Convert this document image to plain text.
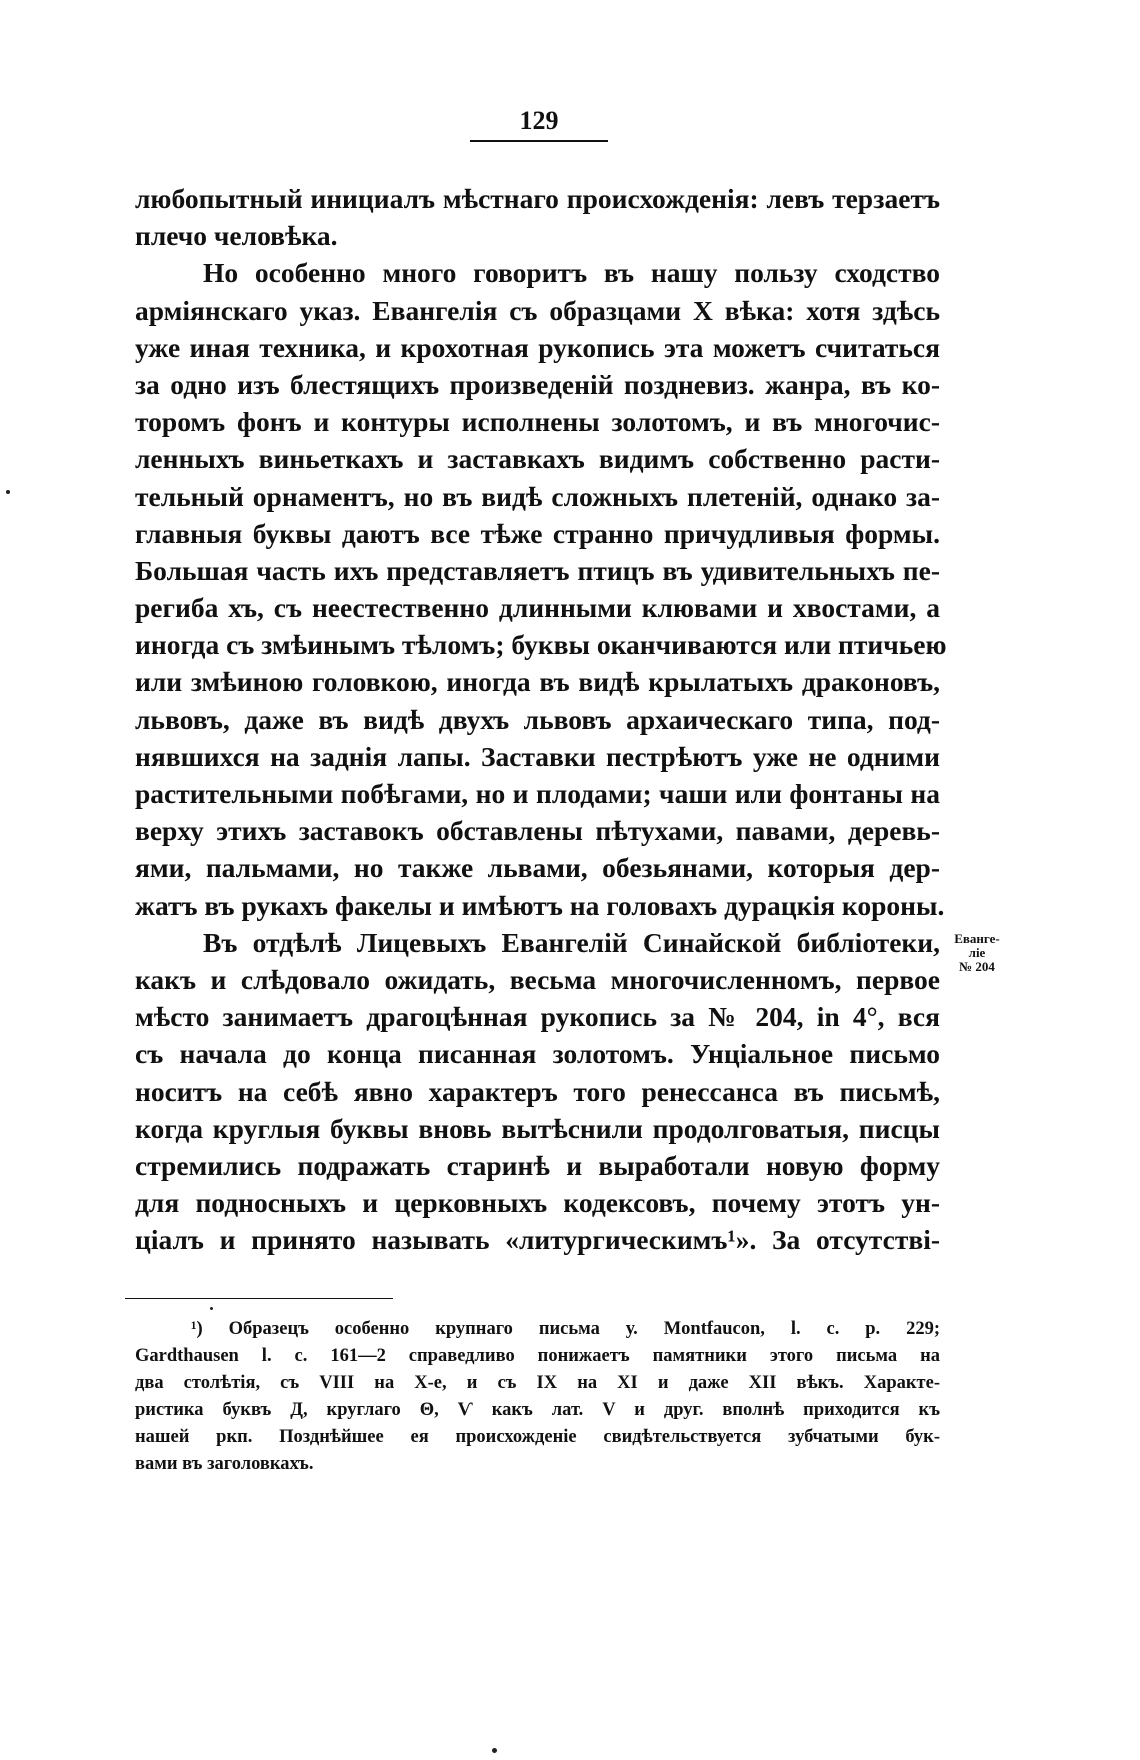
129
любопытный инициалъ мѣстнаго происхожденія: левъ терзаетъ
плечо человѣка.
Но особенно много говоритъ въ нашу пользу сходство
арміянскаго указ. Евангелія съ образцами X вѣка: хотя здѣсь
уже иная техника, и крохотная рукопись эта можетъ считаться
за одно изъ блестящихъ произведеній поздневиз. жанра, въ ко-
торомъ фонъ и контуры исполнены золотомъ, и въ многочис-
ленныхъ виньеткахъ и заставкахъ видимъ собственно расти-
тельный орнаментъ, но въ видѣ сложныхъ плетеній, однако за-
главныя буквы даютъ все тѣже странно причудливыя формы.
Большая часть ихъ представляетъ птицъ въ удивительныхъ пе-
региба хъ, съ неестественно длинными клювами и хвостами, а
иногда съ змѣинымъ тѣломъ; буквы оканчиваются или птичьею
или змѣиною головкою, иногда въ видѣ крылатыхъ драконовъ,
львовъ, даже въ видѣ двухъ львовъ архаическаго типа, под-
нявшихся на заднія лапы. Заставки пестрѣютъ уже не одними
растительными побѣгами, но и плодами; чаши или фонтаны на
верху этихъ заставокъ обставлены пѣтухами, павами, деревь-
ями, пальмами, но также львами, обезьянами, которыя дер-
жатъ въ рукахъ факелы и имѣютъ на головахъ дурацкія короны.
Въ отдѣлѣ Лицевыхъ Евангелій Синайской библіотеки,
какъ и слѣдовало ожидать, весьма многочисленномъ, первое
мѣсто занимаетъ драгоцѣнная рукопись за № 204, in 4°, вся
съ начала до конца писанная золотомъ. Унціальное письмо
носитъ на себѣ явно характеръ того ренессанса въ письмѣ,
когда круглыя буквы вновь вытѣснили продолговатыя, писцы
стремились подражать старинѣ и выработали новую форму
для подносныхъ и церковныхъ кодексовъ, почему этотъ ун-
ціалъ и принято называть «литургическимъ¹». За отсутстві-
Еванге-
ліе
№ 204
¹) Образецъ особенно крупнаго письма у. Montfaucon, l. c. p. 229;
Gardthausen l. c. 161—2 справедливо понижаетъ памятники этого письма на
два столѣтія, съ VIII на X-е, и съ IX на XI и даже XII вѣкъ. Характе-
ристика буквъ Д, круглаго Θ, Ѵ какъ лат. V и друг. вполнѣ приходится къ
нашей ркп. Позднѣйшее ея происхожденіе свидѣтельствуется зубчатыми бук-
вами въ заголовкахъ.
